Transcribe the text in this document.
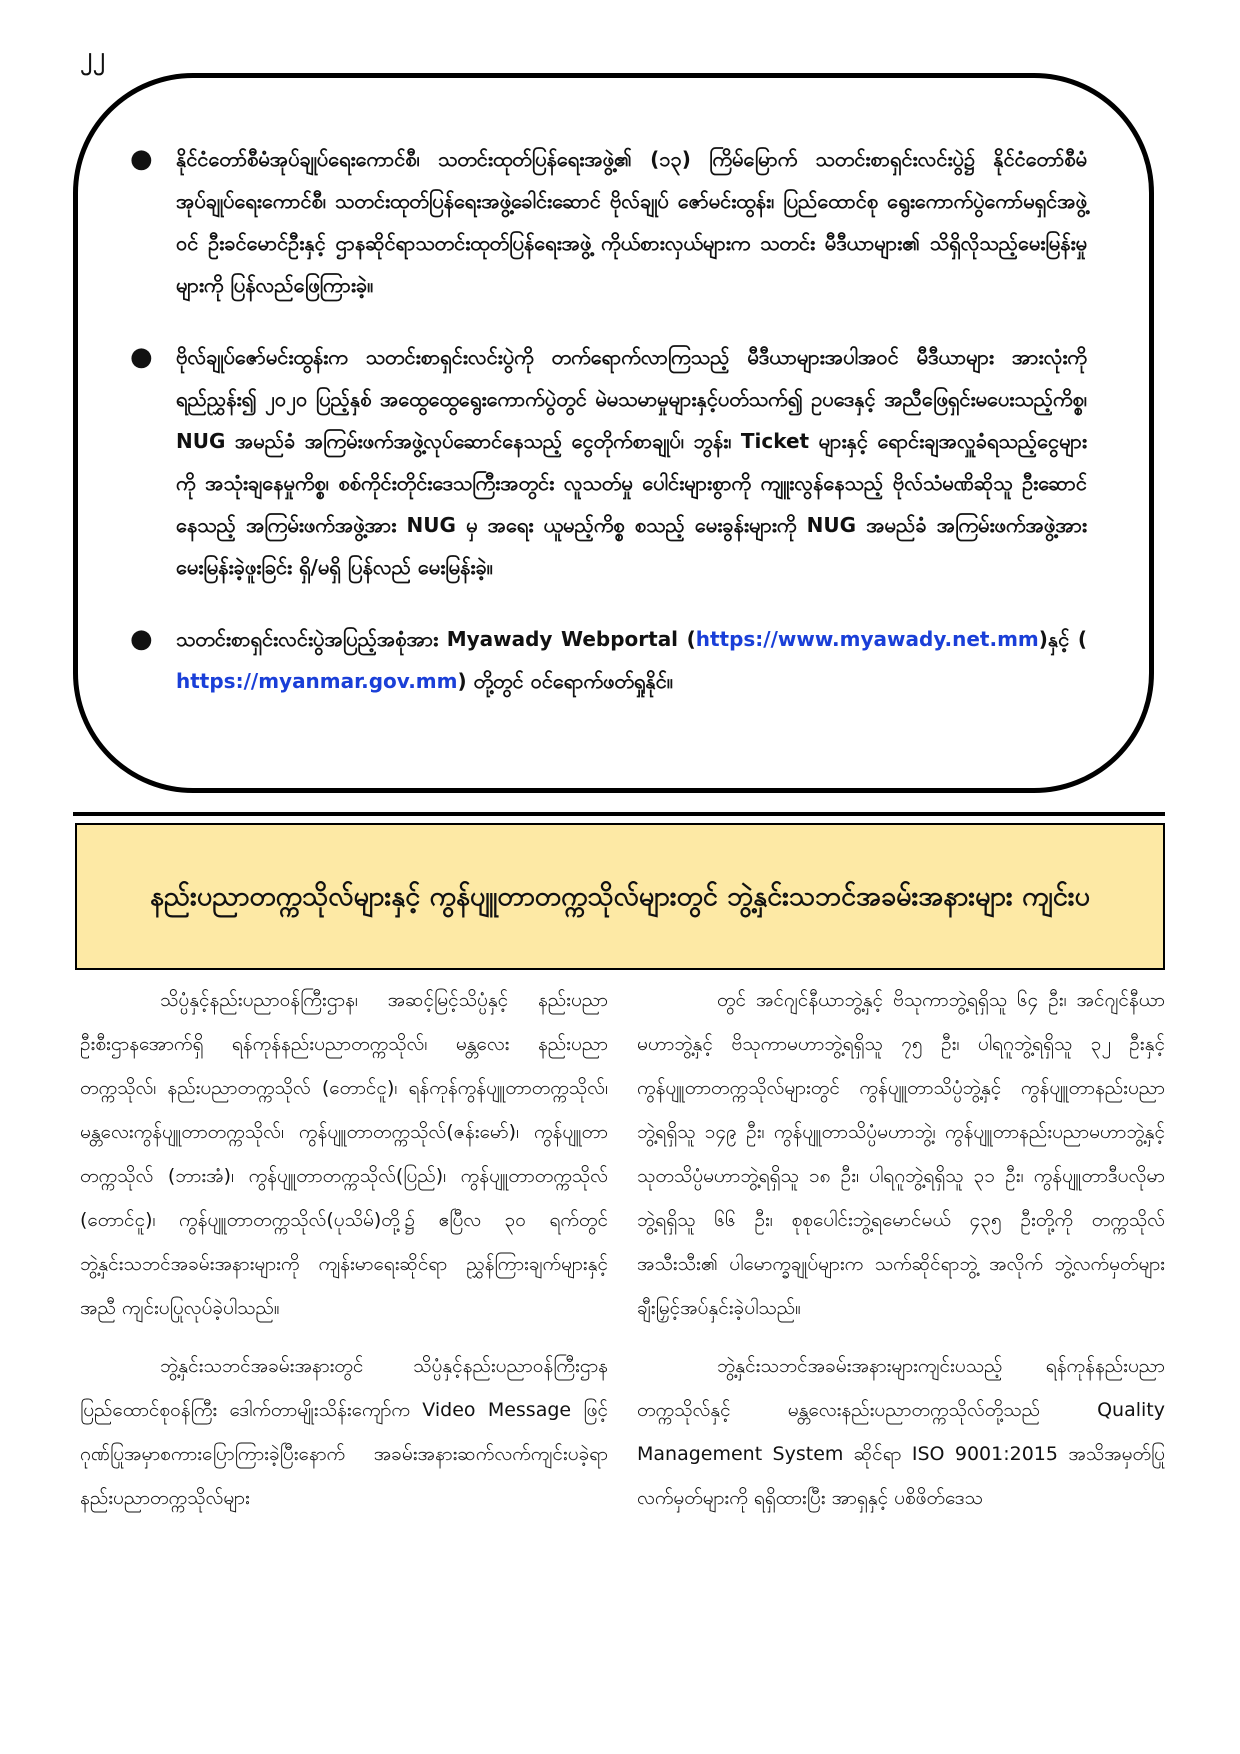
၂၂
● နိုင်ငံတော်စီမံအုပ်ချုပ်ရေးကောင်စီ၊ သတင်းထုတ်ပြန်ရေးအဖွဲ့၏ (၁၃) ကြိမ်မြောက် သတင်းစာရှင်းလင်းပွဲ၌ နိုင်ငံတော်စီမံအုပ်ချုပ်ရေးကောင်စီ၊ သတင်းထုတ်ပြန်ရေးအဖွဲ့ခေါင်းဆောင် ဗိုလ်ချုပ် ဇော်မင်းထွန်း၊ ပြည်ထောင်စု ရွေးကောက်ပွဲကော်မရှင်အဖွဲ့ဝင် ဦးခင်မောင်ဦးနှင့် ဌာနဆိုင်ရာသတင်းထုတ်ပြန်ရေးအဖွဲ့ ကိုယ်စားလှယ်များက သတင်း မီဒီယာများ၏ သိရှိလိုသည့်မေးမြန်းမှုများကို ပြန်လည်ဖြေကြားခဲ့။
● ဗိုလ်ချုပ်ဇော်မင်းထွန်းက သတင်းစာရှင်းလင်းပွဲကို တက်ရောက်လာကြသည့် မီဒီယာများအပါအဝင် မီဒီယာများ အားလုံးကိုရည်ညွှန်း၍ ၂၀၂၀ ပြည့်နှစ် အထွေထွေရွေးကောက်ပွဲတွင် မဲမသမာမှုများနှင့်ပတ်သက်၍ ဥပဒေနှင့် အညီဖြေရှင်းမပေးသည့်ကိစ္စ၊ NUG အမည်ခံ အကြမ်းဖက်အဖွဲ့လုပ်ဆောင်နေသည့် ငွေတိုက်စာချုပ်၊ ဘွန်း၊ Ticket များနှင့် ရောင်းချအလှူခံရသည့်ငွေများကို အသုံးချနေမှုကိစ္စ၊ စစ်ကိုင်းတိုင်းဒေသကြီးအတွင်း လူသတ်မှု ပေါင်းများစွာကို ကျူးလွန်နေသည့် ဗိုလ်သံမဏိဆိုသူ ဦးဆောင်နေသည့် အကြမ်းဖက်အဖွဲ့အား NUG မှ အရေး ယူမည့်ကိစ္စ စသည့် မေးခွန်းများကို NUG အမည်ခံ အကြမ်းဖက်အဖွဲ့အား မေးမြန်းခဲ့ဖူးခြင်း ရှိ/မရှိ ပြန်လည် မေးမြန်းခဲ့။
● သတင်းစာရှင်းလင်းပွဲအပြည့်အစုံအား Myawady Webportal (https://www.myawady.net.mm)နှင့် ( https://myanmar.gov.mm) တို့တွင် ဝင်ရောက်ဖတ်ရှုနိုင်။
နည်းပညာတက္ကသိုလ်များနှင့် ကွန်ပျူတာတက္ကသိုလ်များတွင် ဘွဲ့နှင်းသဘင်အခမ်းအနားများ ကျင်းပ

သိပ္ပံနှင့်နည်းပညာဝန်ကြီးဌာန၊ အဆင့်မြင့်သိပ္ပံနှင့် နည်းပညာဦးစီးဌာနအောက်ရှိ ရန်ကုန်နည်းပညာတက္ကသိုလ်၊ မန္တလေး နည်းပညာတက္ကသိုလ်၊ နည်းပညာတက္ကသိုလ် (တောင်ငူ)၊ ရန်ကုန်ကွန်ပျူတာတက္ကသိုလ်၊ မန္တလေးကွန်ပျူတာတက္ကသိုလ်၊ ကွန်ပျူတာတက္ကသိုလ်(ဇန်းမော်)၊ ကွန်ပျူတာတက္ကသိုလ် (ဘားအံ)၊ ကွန်ပျူတာတက္ကသိုလ်(ပြည်)၊ ကွန်ပျူတာတက္ကသိုလ် (တောင်ငူ)၊ ကွန်ပျူတာတက္ကသိုလ်(ပုသိမ်)တို့၌ ဧပြီလ ၃၀ ရက်တွင် ဘွဲ့နှင်းသဘင်အခမ်းအနားများကို ကျန်းမာရေးဆိုင်ရာ ညွှန်ကြားချက်များနှင့်အညီ ကျင်းပပြုလုပ်ခဲ့ပါသည်။

ဘွဲ့နှင်းသဘင်အခမ်းအနားတွင် သိပ္ပံနှင့်နည်းပညာဝန်ကြီးဌာန ပြည်ထောင်စုဝန်ကြီး ဒေါက်တာမျိုးသိန်းကျော်က Video Message ဖြင့် ဂုဏ်ပြုအမှာစကားပြောကြားခဲ့ပြီးနောက် အခမ်းအနားဆက်လက်ကျင်းပခဲ့ရာ နည်းပညာတက္ကသိုလ်များ

တွင် အင်ဂျင်နီယာဘွဲ့နှင့် ဗိသုကာဘွဲ့ရရှိသူ ၆၄ ဦး၊ အင်ဂျင်နီယာမဟာဘွဲ့နှင့် ဗိသုကာမဟာဘွဲ့ရရှိသူ ၇၅ ဦး၊ ပါရဂူဘွဲ့ရရှိသူ ၃၂ ဦးနှင့် ကွန်ပျူတာတက္ကသိုလ်များတွင် ကွန်ပျူတာသိပ္ပံဘွဲ့နှင့် ကွန်ပျူတာနည်းပညာဘွဲ့ရရှိသူ ၁၄၉ ဦး၊ ကွန်ပျူတာသိပ္ပံမဟာဘွဲ့၊ ကွန်ပျူတာနည်းပညာမဟာဘွဲ့နှင့် သုတသိပ္ပံမဟာဘွဲ့ရရှိသူ ၁၈ ဦး၊ ပါရဂူဘွဲ့ရရှိသူ ၃၁ ဦး၊ ကွန်ပျူတာဒီပလိုမာဘွဲ့ရရှိသူ ၆၆ ဦး၊ စုစုပေါင်းဘွဲ့ရမောင်မယ် ၄၃၅ ဦးတို့ကို တက္ကသိုလ်အသီးသီး၏ ပါမောက္ခချုပ်များက သက်ဆိုင်ရာဘွဲ့ အလိုက် ဘွဲ့လက်မှတ်များ ချီးမြှင့်အပ်နှင်းခဲ့ပါသည်။

ဘွဲ့နှင်းသဘင်အခမ်းအနားများကျင်းပသည့် ရန်ကုန်နည်းပညာတက္ကသိုလ်နှင့် မန္တလေးနည်းပညာတက္ကသိုလ်တို့သည် Quality Management System ဆိုင်ရာ ISO 9001:2015 အသိအမှတ်ပြုလက်မှတ်များကို ရရှိထားပြီး အာရှနှင့် ပစိဖိတ်ဒေသ
